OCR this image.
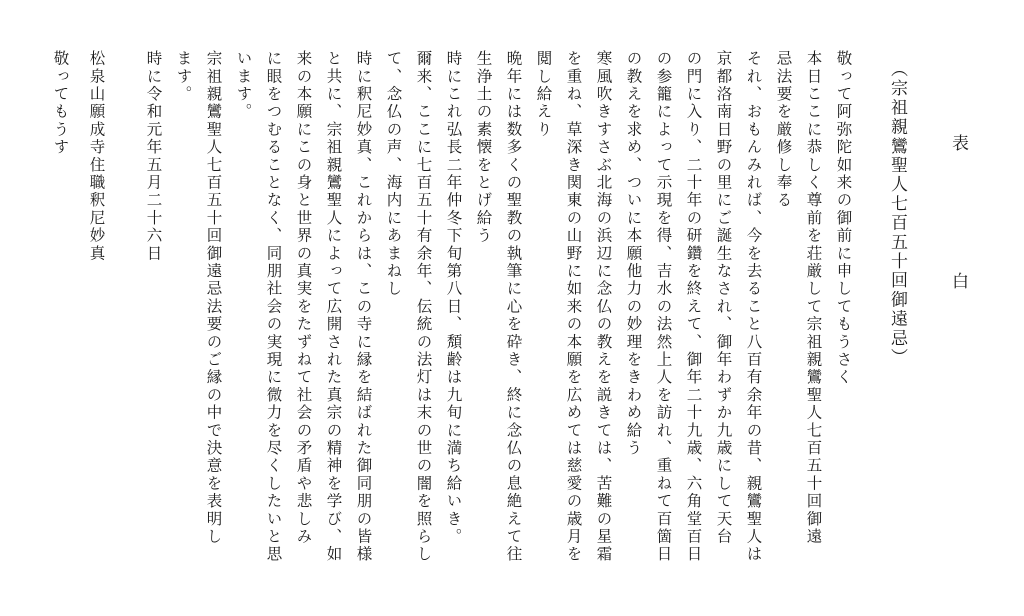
表
白
（宗祖親鸞聖人七百五十回御遠忌）
敬って阿弥陀如来の御前に申してもうさく
本日ここに恭しく尊前を荘厳して宗祖親鸞聖人七百五十回御遠
忌法要を厳修し奉る
それ、おもんみれば、今を去ること八百有余年の昔、親鸞聖人は
京都洛南日野の里にご誕生なされ、御年わずか九歳にして天台
の門に入り、二十年の研鑽を終えて、御年二十九歳、六角堂百日
の参籠によって示現を得、吉水の法然上人を訪れ、重ねて百箇日
の教えを求め、ついに本願他力の妙理をきわめ給う
寒風吹きすさぶ北海の浜辺に念仏の教えを説きては、苦難の星霜
を重ね、草深き関東の山野に如来の本願を広めては慈愛の歳月を
閲し給えり
晩年には数多くの聖教の執筆に心を砕き、終に念仏の息絶えて往
生浄土の素懐をとげ給う
時にこれ弘長二年仲冬下旬第八日、頽齢は九旬に満ち給いき。
爾来、ここに七百五十有余年、伝統の法灯は末の世の闇を照らし
て、念仏の声、海内にあまねし
時に釈尼妙真、これからは、この寺に縁を結ばれた御同朋の皆様
と共に、宗祖親鸞聖人によって広開された真宗の精神を学び、如
来の本願にこの身と世界の真実をたずねて社会の矛盾や悲しみ
に眼をつむることなく、同朋社会の実現に微力を尽くしたいと思
います。
宗祖親鸞聖人七百五十回御遠忌法要のご縁の中で決意を表明し
ます。
時に令和元年五月二十六日
松泉山願成寺住職釈尼妙真
敬ってもうす
